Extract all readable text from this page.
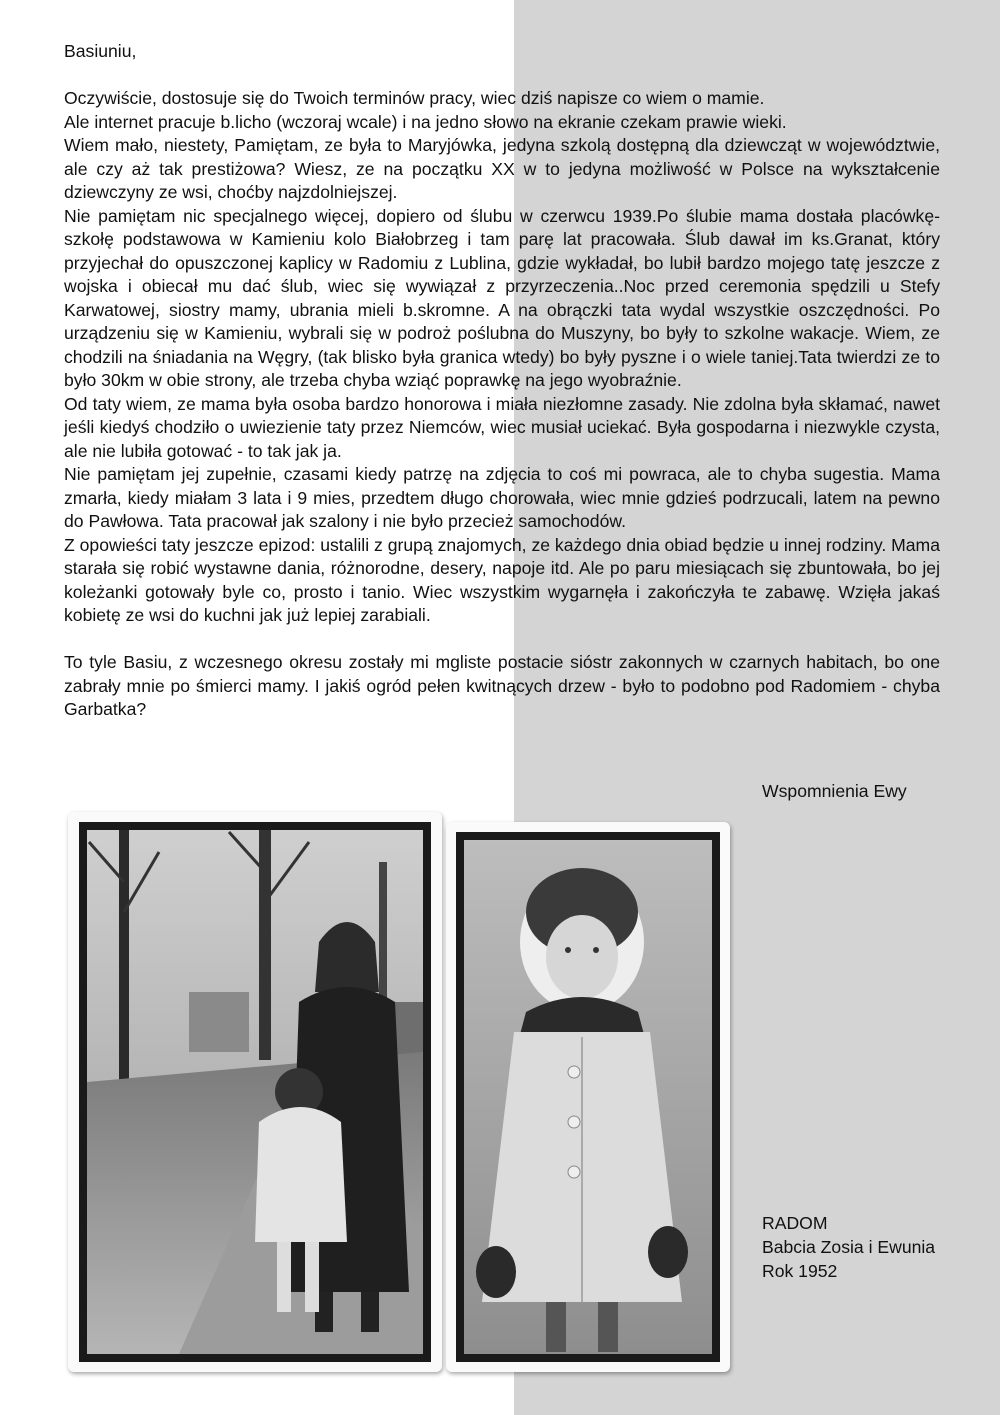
Basiuniu,

Oczywiście, dostosuje się do Twoich terminów pracy, wiec dziś napisze co wiem o mamie.

Ale internet pracuje b.licho (wczoraj wcale) i na jedno słowo na ekranie czekam prawie wieki.

Wiem mało, niestety, Pamiętam, ze była to Maryjówka, jedyna szkolą dostępną dla dziewcząt w województwie, ale czy aż tak prestiżowa? Wiesz, ze na początku XX w to jedyna możliwość w Polsce na wykształcenie dziewczyny ze wsi, choćby najzdolniejszej.

Nie pamiętam nic specjalnego więcej, dopiero od ślubu w czerwcu 1939.Po ślubie mama dostała placówkę-szkołę podstawowa w Kamieniu kolo Białobrzeg i tam parę lat pracowała. Ślub dawał im ks.Granat, który przyjechał do opuszczonej kaplicy w Radomiu z Lublina, gdzie wykładał, bo lubił bardzo mojego tatę jeszcze z wojska i obiecał mu dać ślub, wiec się wywiązał z przyrzeczenia..Noc przed ceremonia spędzili u Stefy Karwatowej, siostry mamy, ubrania mieli b.skromne. A na obrączki tata wydal wszystkie oszczędności. Po urządzeniu się w Kamieniu, wybrali się w podroż poślubna do Muszyny, bo były to szkolne wakacje. Wiem, ze chodzili na śniadania na Węgry, (tak blisko była granica wtedy) bo były pyszne i o wiele taniej.Tata twierdzi ze to było 30km w obie strony, ale trzeba chyba wziąć poprawkę na jego wyobraźnie.

Od taty wiem, ze mama była osoba bardzo honorowa i miała niezłomne zasady. Nie zdolna była skłamać, nawet jeśli kiedyś chodziło o uwiezienie taty przez Niemców, wiec musiał uciekać. Była gospodarna i niezwykle czysta, ale nie lubiła gotować - to tak jak ja.

Nie pamiętam jej zupełnie, czasami kiedy patrzę na zdjęcia to coś mi powraca, ale to chyba sugestia. Mama zmarła, kiedy miałam 3 lata i 9 mies, przedtem długo chorowała, wiec mnie gdzieś podrzucali, latem na pewno do Pawłowa. Tata pracował jak szalony i nie było przecież samochodów.

Z opowieści taty jeszcze epizod: ustalili z grupą znajomych, ze każdego dnia obiad będzie u innej rodziny. Mama starała się robić wystawne dania, różnorodne, desery, napoje itd. Ale po paru miesiącach się zbuntowała, bo jej koleżanki gotowały byle co, prosto i tanio. Wiec wszystkim wygarnęła i zakończyła te zabawę. Wzięła jakaś kobietę ze wsi do kuchni jak już lepiej zarabiali.

To tyle Basiu, z wczesnego okresu zostały mi mgliste postacie sióstr zakonnych w czarnych habitach, bo one zabrały mnie po śmierci mamy. I jakiś ogród pełen kwitnących drzew - było to podobno pod Radomiem - chyba Garbatka?

Wspomnienia Ewy
RADOM
Babcia Zosia i Ewunia
Rok 1952
